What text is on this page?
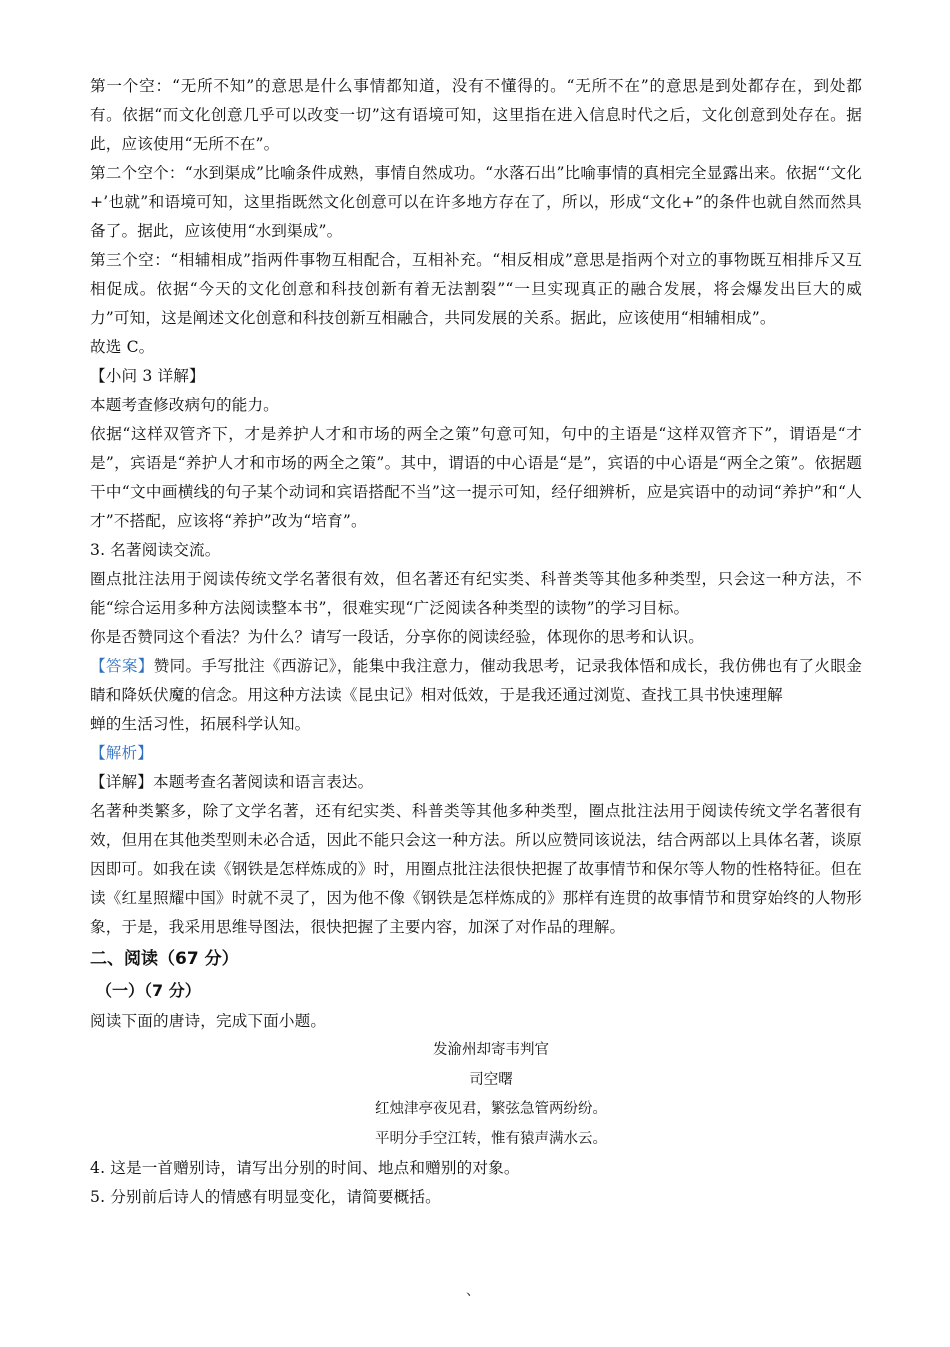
第一个空：“无所不知”的意思是什么事情都知道，没有不懂得的。“无所不在”的意思是到处都存在，到处都有。依据“而文化创意几乎可以改变一切”这有语境可知，这里指在进入信息时代之后，文化创意到处存在。据此，应该使用“无所不在”。

第二个空个：“水到渠成”比喻条件成熟，事情自然成功。“水落石出”比喻事情的真相完全显露出来。依据“‘文化+’也就”和语境可知，这里指既然文化创意可以在许多地方存在了，所以，形成“文化+”的条件也就自然而然具备了。据此，应该使用“水到渠成”。

第三个空：“相辅相成”指两件事物互相配合，互相补充。“相反相成”意思是指两个对立的事物既互相排斥又互相促成。依据“今天的文化创意和科技创新有着无法割裂”“一旦实现真正的融合发展，将会爆发出巨大的威力”可知，这是阐述文化创意和科技创新互相融合，共同发展的关系。据此，应该使用“相辅相成”。

故选 C。

【小问 3 详解】

本题考查修改病句的能力。

依据“这样双管齐下，才是养护人才和市场的两全之策”句意可知，句中的主语是“这样双管齐下”，谓语是“才是”，宾语是“养护人才和市场的两全之策”。其中，谓语的中心语是“是”，宾语的中心语是“两全之策”。依据题干中“文中画横线的句子某个动词和宾语搭配不当”这一提示可知，经仔细辨析，应是宾语中的动词“养护”和“人才”不搭配，应该将“养护”改为“培育”。

3. 名著阅读交流。

圈点批注法用于阅读传统文学名著很有效，但名著还有纪实类、科普类等其他多种类型，只会这一种方法，不能“综合运用多种方法阅读整本书”，很难实现“广泛阅读各种类型的读物”的学习目标。

你是否赞同这个看法？为什么？请写一段话，分享你的阅读经验，体现你的思考和认识。

【答案】赞同。手写批注《西游记》，能集中我注意力，催动我思考，记录我体悟和成长，我仿佛也有了火眼金睛和降妖伏魔的信念。用这种方法读《昆虫记》相对低效，于是我还通过浏览、查找工具书快速理解

蝉的生活习性，拓展科学认知。

【解析】

【详解】本题考查名著阅读和语言表达。

名著种类繁多，除了文学名著，还有纪实类、科普类等其他多种类型，圈点批注法用于阅读传统文学名著很有效，但用在其他类型则未必合适，因此不能只会这一种方法。所以应赞同该说法，结合两部以上具体名著，谈原因即可。如我在读《钢铁是怎样炼成的》时，用圈点批注法很快把握了故事情节和保尔等人物的性格特征。但在读《红星照耀中国》时就不灵了，因为他不像《钢铁是怎样炼成的》那样有连贯的故事情节和贯穿始终的人物形象，于是，我采用思维导图法，很快把握了主要内容，加深了对作品的理解。

二、阅读（67 分）
（一）（7 分）

阅读下面的唐诗，完成下面小题。

发渝州却寄韦判官

司空曙

红烛津亭夜见君，繁弦急管两纷纷。

平明分手空江转，惟有猿声满水云。

4. 这是一首赠别诗，请写出分别的时间、地点和赠别的对象。

5. 分别前后诗人的情感有明显变化，请简要概括。

、
